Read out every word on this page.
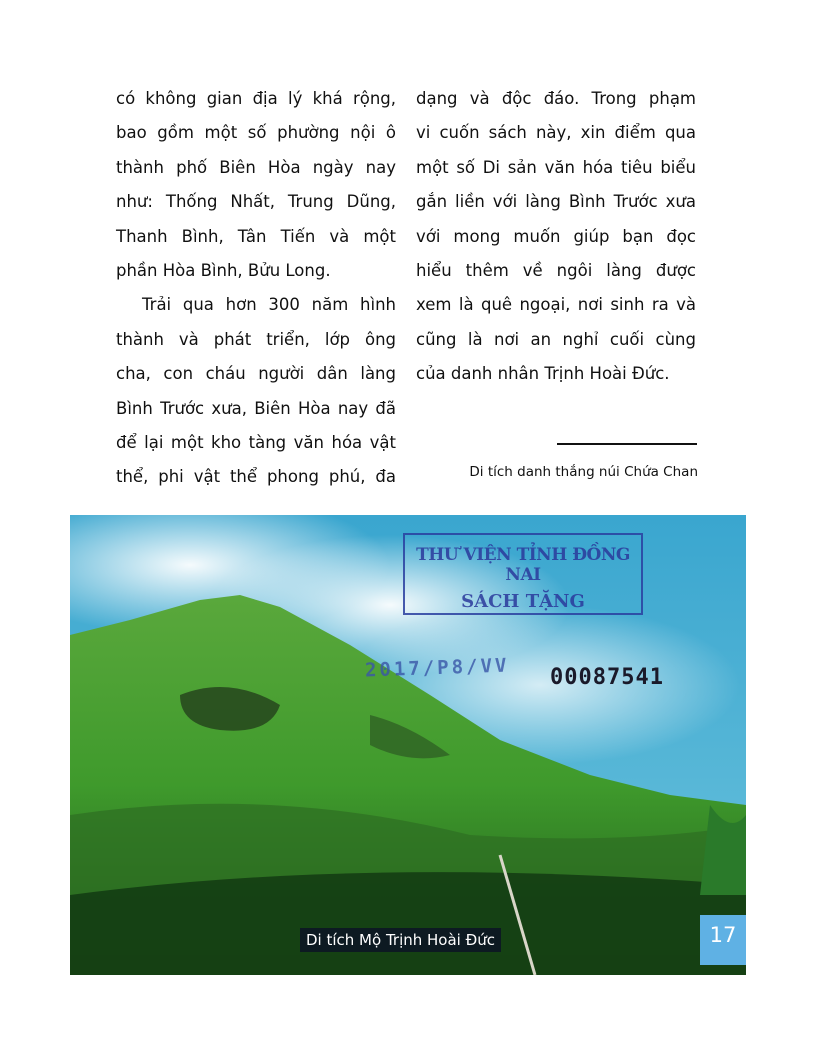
có không gian địa lý khá rộng,
bao gồm một số phường nội ô
thành phố Biên Hòa ngày nay
như: Thống Nhất, Trung Dũng,
Thanh Bình, Tân Tiến và một
phần Hòa Bình, Bửu Long.
Trải qua hơn 300 năm hình
thành và phát triển, lớp ông
cha, con cháu người dân làng
Bình Trước xưa, Biên Hòa nay đã
để lại một kho tàng văn hóa vật
thể, phi vật thể phong phú, đa
dạng và độc đáo. Trong phạm
vi cuốn sách này, xin điểm qua
một số Di sản văn hóa tiêu biểu
gắn liền với làng Bình Trước xưa
với mong muốn giúp bạn đọc
hiểu thêm về ngôi làng được
xem là quê ngoại, nơi sinh ra và
cũng là nơi an nghỉ cuối cùng
của danh nhân Trịnh Hoài Đức.
Di tích danh thắng núi Chứa Chan
THƯ VIỆN TỈNH ĐỒNG NAI
SÁCH TẶNG
2017/P8/VV 00087541
Di tích Mộ Trịnh Hoài Đức	17
